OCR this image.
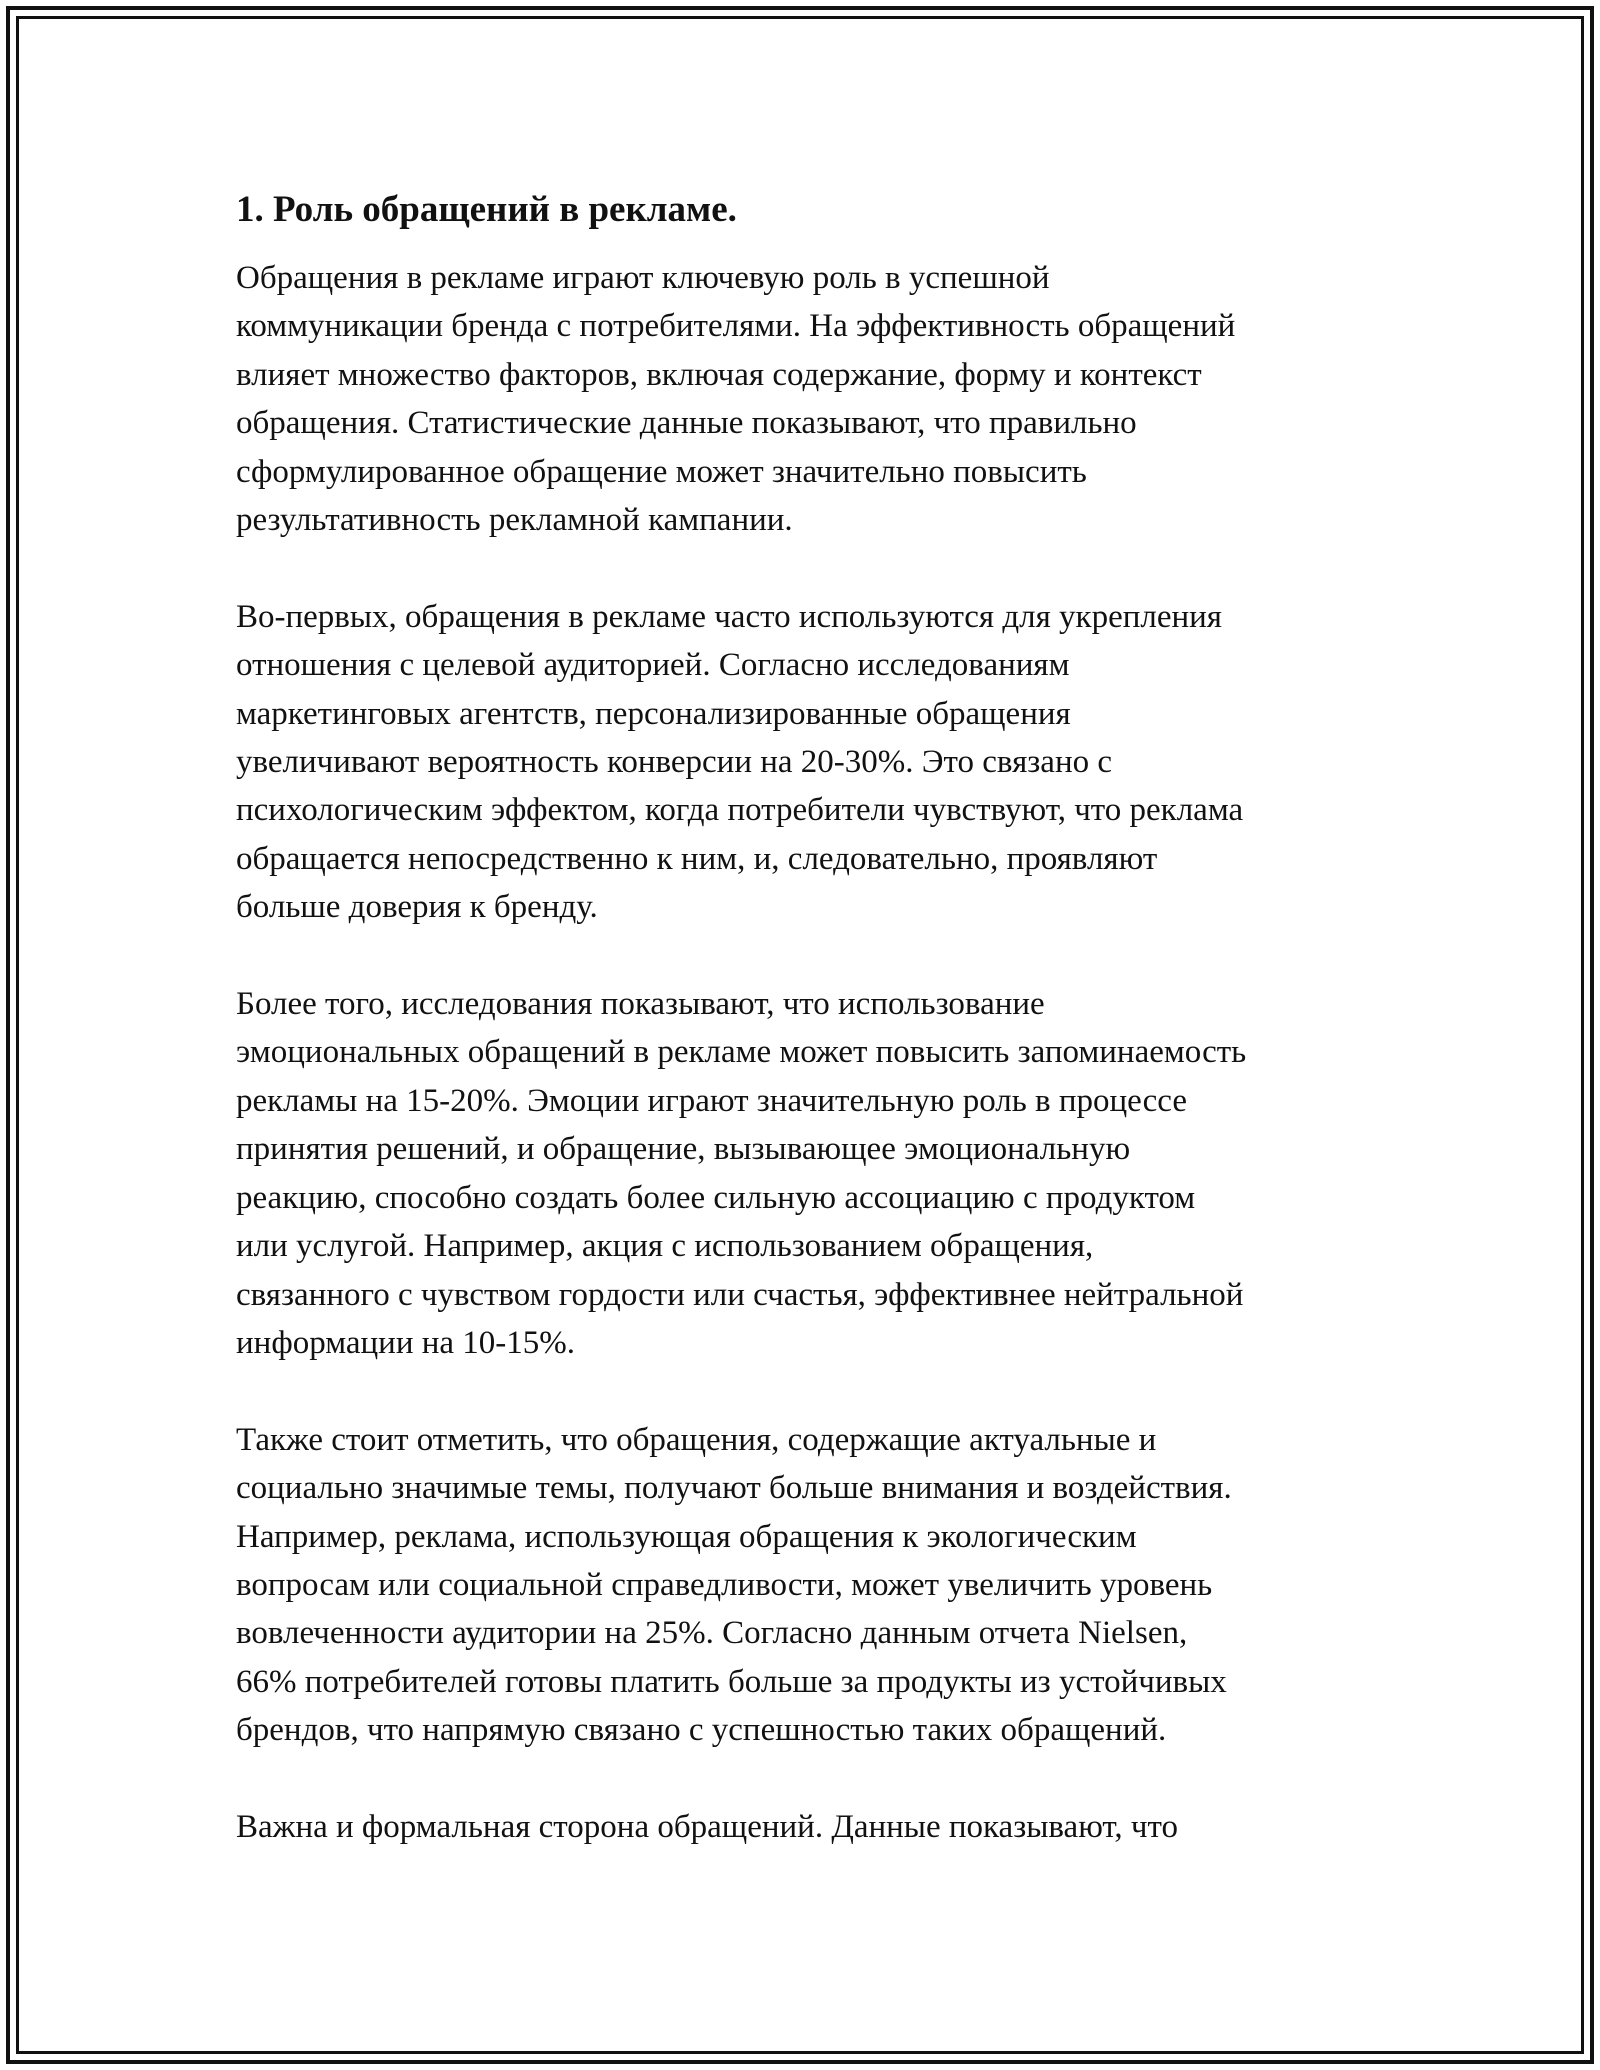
1. Роль обращений в рекламе.
Обращения в рекламе играют ключевую роль в успешной
коммуникации бренда с потребителями. На эффективность обращений
влияет множество факторов, включая содержание, форму и контекст
обращения. Статистические данные показывают, что правильно
сформулированное обращение может значительно повысить
результативность рекламной кампании.
Во-первых, обращения в рекламе часто используются для укрепления
отношения с целевой аудиторией. Согласно исследованиям
маркетинговых агентств, персонализированные обращения
увеличивают вероятность конверсии на 20-30%. Это связано с
психологическим эффектом, когда потребители чувствуют, что реклама
обращается непосредственно к ним, и, следовательно, проявляют
больше доверия к бренду.
Более того, исследования показывают, что использование
эмоциональных обращений в рекламе может повысить запоминаемость
рекламы на 15-20%. Эмоции играют значительную роль в процессе
принятия решений, и обращение, вызывающее эмоциональную
реакцию, способно создать более сильную ассоциацию с продуктом
или услугой. Например, акция с использованием обращения,
связанного с чувством гордости или счастья, эффективнее нейтральной
информации на 10-15%.
Также стоит отметить, что обращения, содержащие актуальные и
социально значимые темы, получают больше внимания и воздействия.
Например, реклама, использующая обращения к экологическим
вопросам или социальной справедливости, может увеличить уровень
вовлеченности аудитории на 25%. Согласно данным отчета Nielsen,
66% потребителей готовы платить больше за продукты из устойчивых
брендов, что напрямую связано с успешностью таких обращений.
Важна и формальная сторона обращений. Данные показывают, что
